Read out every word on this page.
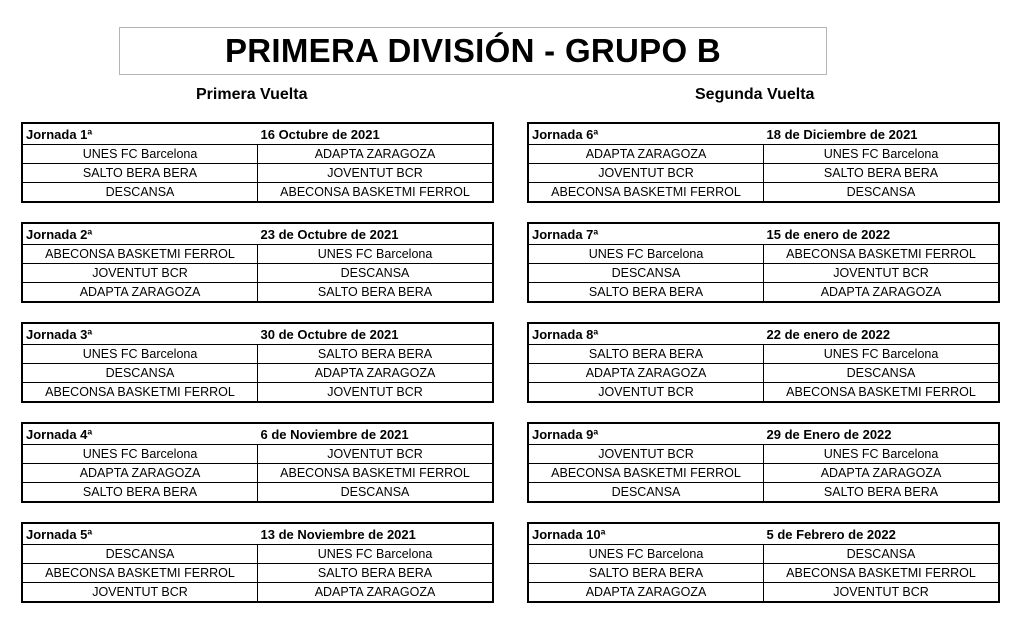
PRIMERA DIVISIÓN - GRUPO B
Primera Vuelta	Segunda Vuelta
Jornada 1ª	16 Octubre de 2021
UNES FC Barcelona	ADAPTA ZARAGOZA
SALTO BERA BERA	JOVENTUT BCR
DESCANSA	ABECONSA BASKETMI FERROL
Jornada 2ª	23 de Octubre de 2021
ABECONSA BASKETMI FERROL	UNES FC Barcelona
JOVENTUT BCR	DESCANSA
ADAPTA ZARAGOZA	SALTO BERA BERA
Jornada 3ª	30 de Octubre de 2021
UNES FC Barcelona	SALTO BERA BERA
DESCANSA	ADAPTA ZARAGOZA
ABECONSA BASKETMI FERROL	JOVENTUT BCR
Jornada 4ª	6 de Noviembre de 2021
UNES FC Barcelona	JOVENTUT BCR
ADAPTA ZARAGOZA	ABECONSA BASKETMI FERROL
SALTO BERA BERA	DESCANSA
Jornada 5ª	13 de Noviembre de 2021
DESCANSA	UNES FC Barcelona
ABECONSA BASKETMI FERROL	SALTO BERA BERA
JOVENTUT BCR	ADAPTA ZARAGOZA
Jornada 6ª	18 de Diciembre de 2021
ADAPTA ZARAGOZA	UNES FC Barcelona
JOVENTUT BCR	SALTO BERA BERA
ABECONSA BASKETMI FERROL	DESCANSA
Jornada 7ª	15 de enero de 2022
UNES FC Barcelona	ABECONSA BASKETMI FERROL
DESCANSA	JOVENTUT BCR
SALTO BERA BERA	ADAPTA ZARAGOZA
Jornada 8ª	22 de enero de 2022
SALTO BERA BERA	UNES FC Barcelona
ADAPTA ZARAGOZA	DESCANSA
JOVENTUT BCR	ABECONSA BASKETMI FERROL
Jornada 9ª	29 de Enero de 2022
JOVENTUT BCR	UNES FC Barcelona
ABECONSA BASKETMI FERROL	ADAPTA ZARAGOZA
DESCANSA	SALTO BERA BERA
Jornada 10ª	5 de Febrero de 2022
UNES FC Barcelona	DESCANSA
SALTO BERA BERA	ABECONSA BASKETMI FERROL
ADAPTA ZARAGOZA	JOVENTUT BCR
